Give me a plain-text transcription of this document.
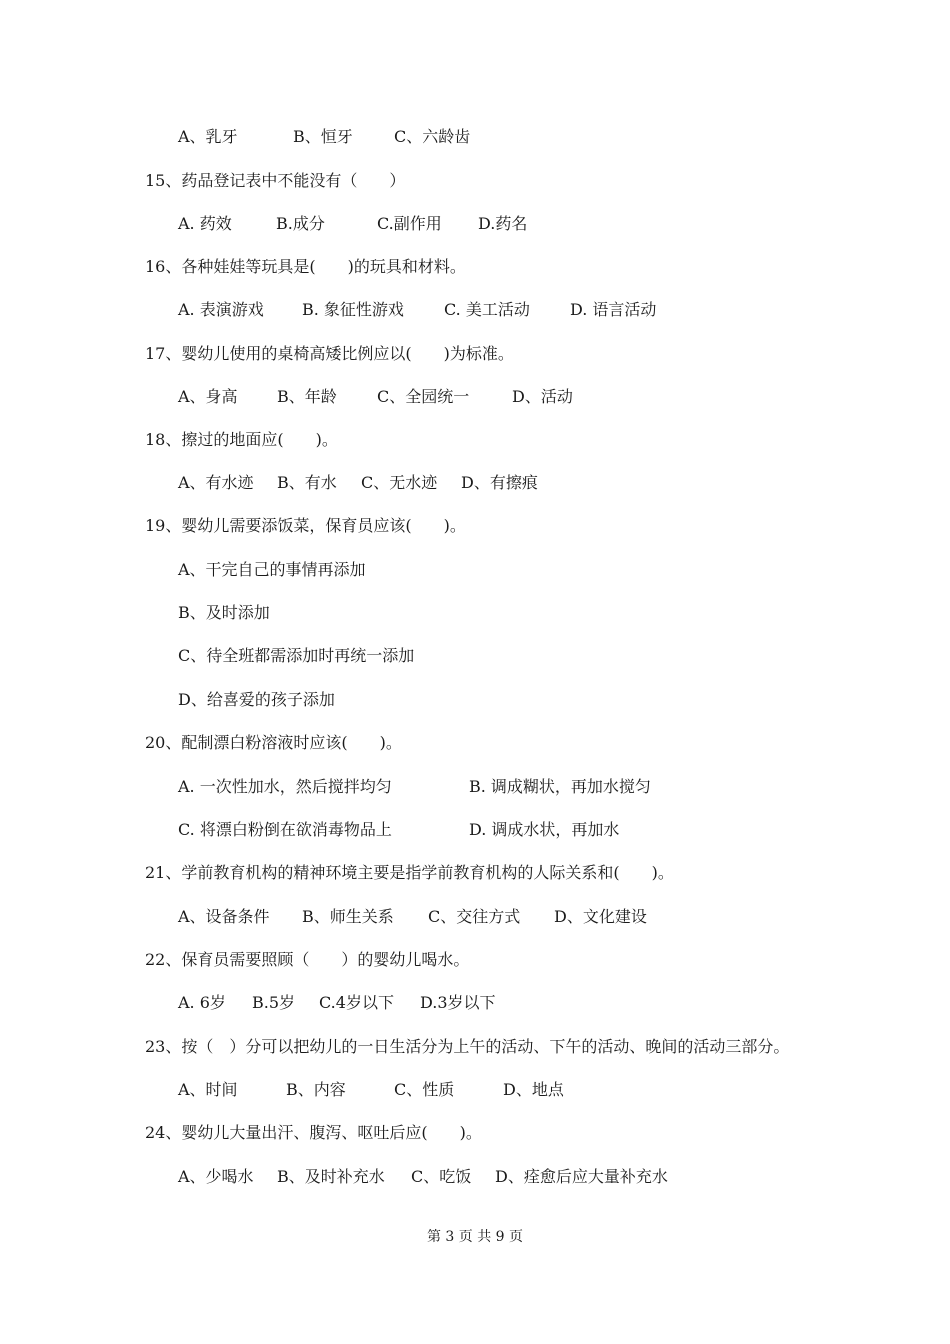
A、乳牙	B、恒牙	C、六龄齿
15、药品登记表中不能没有（　　）
A. 药效	B.成分	C.副作用 D.药名
16、各种娃娃等玩具是(　　)的玩具和材料。
A. 表演游戏 B. 象征性游戏	C. 美工活动	D. 语言活动
17、婴幼儿使用的桌椅高矮比例应以(　　)为标准。
A、身高 B、年龄	C、全园统一	D、活动
18、擦过的地面应(　　)。
A、有水迹 B、有水 C、无水迹 D、有擦痕
19、婴幼儿需要添饭菜，保育员应该(　　)。
A、干完自己的事情再添加
B、及时添加
C、待全班都需添加时再统一添加
D、给喜爱的孩子添加
20、配制漂白粉溶液时应该(　　)。
A. 一次性加水，然后搅拌均匀	B. 调成糊状，再加水搅匀
C. 将漂白粉倒在欲消毒物品上	D. 调成水状，再加水
21、学前教育机构的精神环境主要是指学前教育机构的人际关系和(　　)。
A、设备条件 B、师生关系 C、交往方式 D、文化建设
22、保育员需要照顾（　　）的婴幼儿喝水。
A. 6岁 B.5岁 C.4岁以下 D.3岁以下
23、按（　）分可以把幼儿的一日生活分为上午的活动、下午的活动、晚间的活动三部分。
A、时间	B、内容	C、性质	D、地点
24、婴幼儿大量出汗、腹泻、呕吐后应(　　)。
A、少喝水 B、及时补充水 C、吃饭 D、痊愈后应大量补充水
第 3 页 共 9 页
